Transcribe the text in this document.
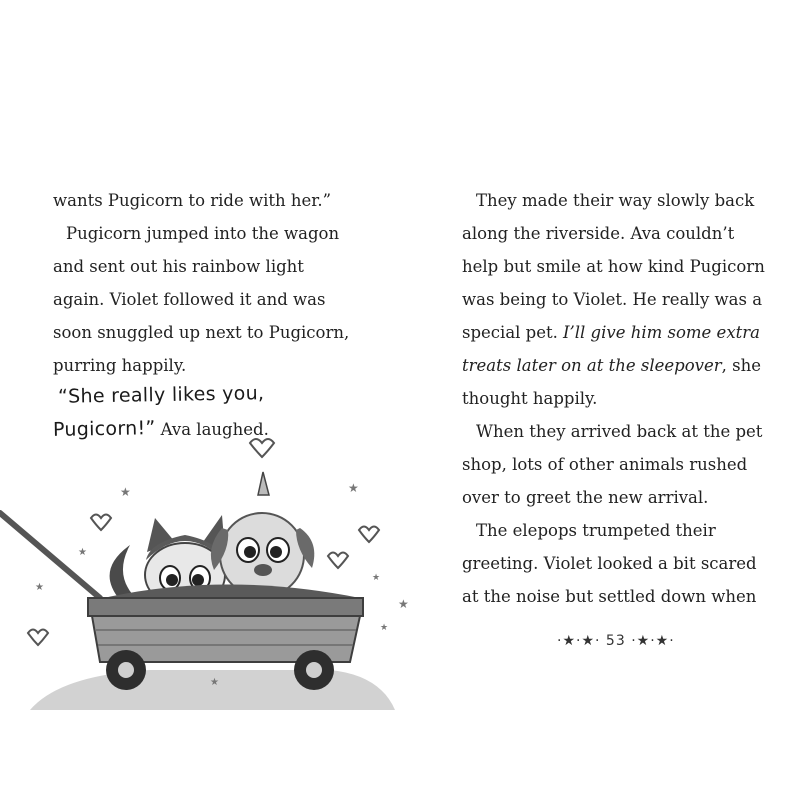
wants Pugicorn to ride with her.”
Pugicorn jumped into the wagon
and sent out his rainbow light
again. Violet followed it and was
soon snuggled up next to Pugicorn,
purring happily.
“She really likes you,
Pugicorn!” Ava laughed.
★	★
★
★
★
★
★
★
They made their way slowly back
along the riverside. Ava couldn’t
help but smile at how kind Pugicorn
was being to Violet. He really was a
special pet. I’ll give him some extra
treats later on at the sleepover, she
thought happily.
When they arrived back at the pet
shop, lots of other animals rushed
over to greet the new arrival.
The elepops trumpeted their
greeting. Violet looked a bit scared
at the noise but settled down when
·★·★· 53 ·★·★·
